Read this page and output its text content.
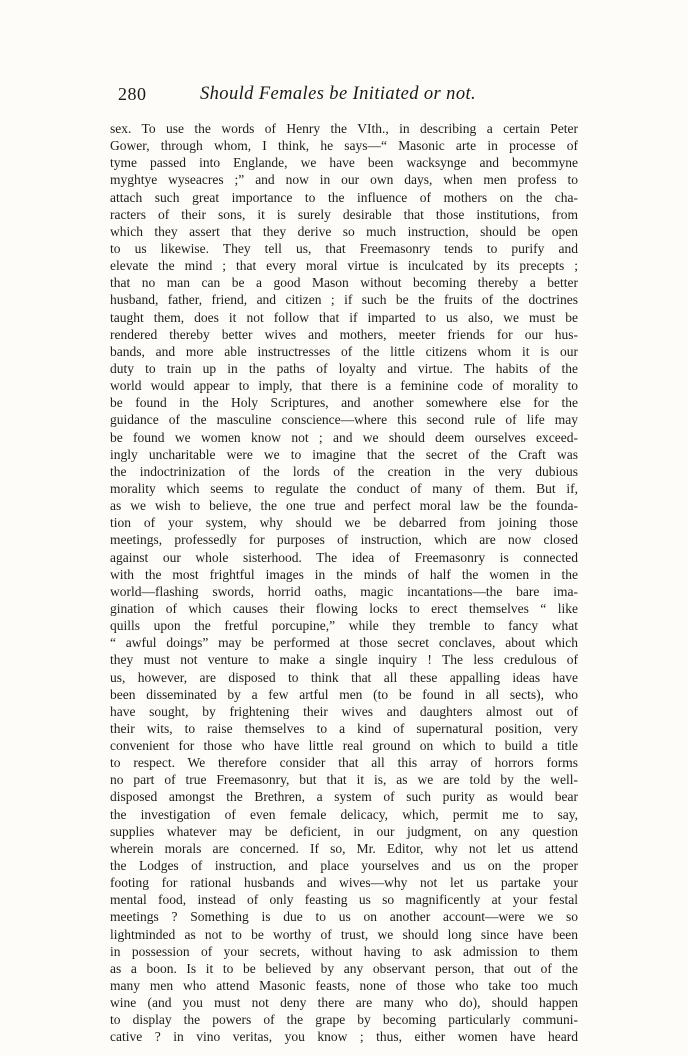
280	Should Females be Initiated or not.
sex. To use the words of Henry the VIth., in describing a certain Peter
Gower, through whom, I think, he says—“ Masonic arte in processe of
tyme passed into Englande, we have been wacksynge and becommyne
myghtye wyseacres ;” and now in our own days, when men profess to
attach such great importance to the influence of mothers on the cha-
racters of their sons, it is surely desirable that those institutions, from
which they assert that they derive so much instruction, should be open
to us likewise. They tell us, that Freemasonry tends to purify and
elevate the mind ; that every moral virtue is inculcated by its precepts ;
that no man can be a good Mason without becoming thereby a better
husband, father, friend, and citizen ; if such be the fruits of the doctrines
taught them, does it not follow that if imparted to us also, we must be
rendered thereby better wives and mothers, meeter friends for our hus-
bands, and more able instructresses of the little citizens whom it is our
duty to train up in the paths of loyalty and virtue. The habits of the
world would appear to imply, that there is a feminine code of morality to
be found in the Holy Scriptures, and another somewhere else for the
guidance of the masculine conscience—where this second rule of life may
be found we women know not ; and we should deem ourselves exceed-
ingly uncharitable were we to imagine that the secret of the Craft was
the indoctrinization of the lords of the creation in the very dubious
morality which seems to regulate the conduct of many of them. But if,
as we wish to believe, the one true and perfect moral law be the founda-
tion of your system, why should we be debarred from joining those
meetings, professedly for purposes of instruction, which are now closed
against our whole sisterhood. The idea of Freemasonry is connected
with the most frightful images in the minds of half the women in the
world—flashing swords, horrid oaths, magic incantations—the bare ima-
gination of which causes their flowing locks to erect themselves “ like
quills upon the fretful porcupine,” while they tremble to fancy what
“ awful doings” may be performed at those secret conclaves, about which
they must not venture to make a single inquiry ! The less credulous of
us, however, are disposed to think that all these appalling ideas have
been disseminated by a few artful men (to be found in all sects), who
have sought, by frightening their wives and daughters almost out of
their wits, to raise themselves to a kind of supernatural position, very
convenient for those who have little real ground on which to build a title
to respect. We therefore consider that all this array of horrors forms
no part of true Freemasonry, but that it is, as we are told by the well-
disposed amongst the Brethren, a system of such purity as would bear
the investigation of even female delicacy, which, permit me to say,
supplies whatever may be deficient, in our judgment, on any question
wherein morals are concerned. If so, Mr. Editor, why not let us attend
the Lodges of instruction, and place yourselves and us on the proper
footing for rational husbands and wives—why not let us partake your
mental food, instead of only feasting us so magnificently at your festal
meetings ? Something is due to us on another account—were we so
lightminded as not to be worthy of trust, we should long since have been
in possession of your secrets, without having to ask admission to them
as a boon. Is it to be believed by any observant person, that out of the
many men who attend Masonic feasts, none of those who take too much
wine (and you must not deny there are many who do), should happen
to display the powers of the grape by becoming particularly communi-
cative ? in vino veritas, you know ; thus, either women have heard
